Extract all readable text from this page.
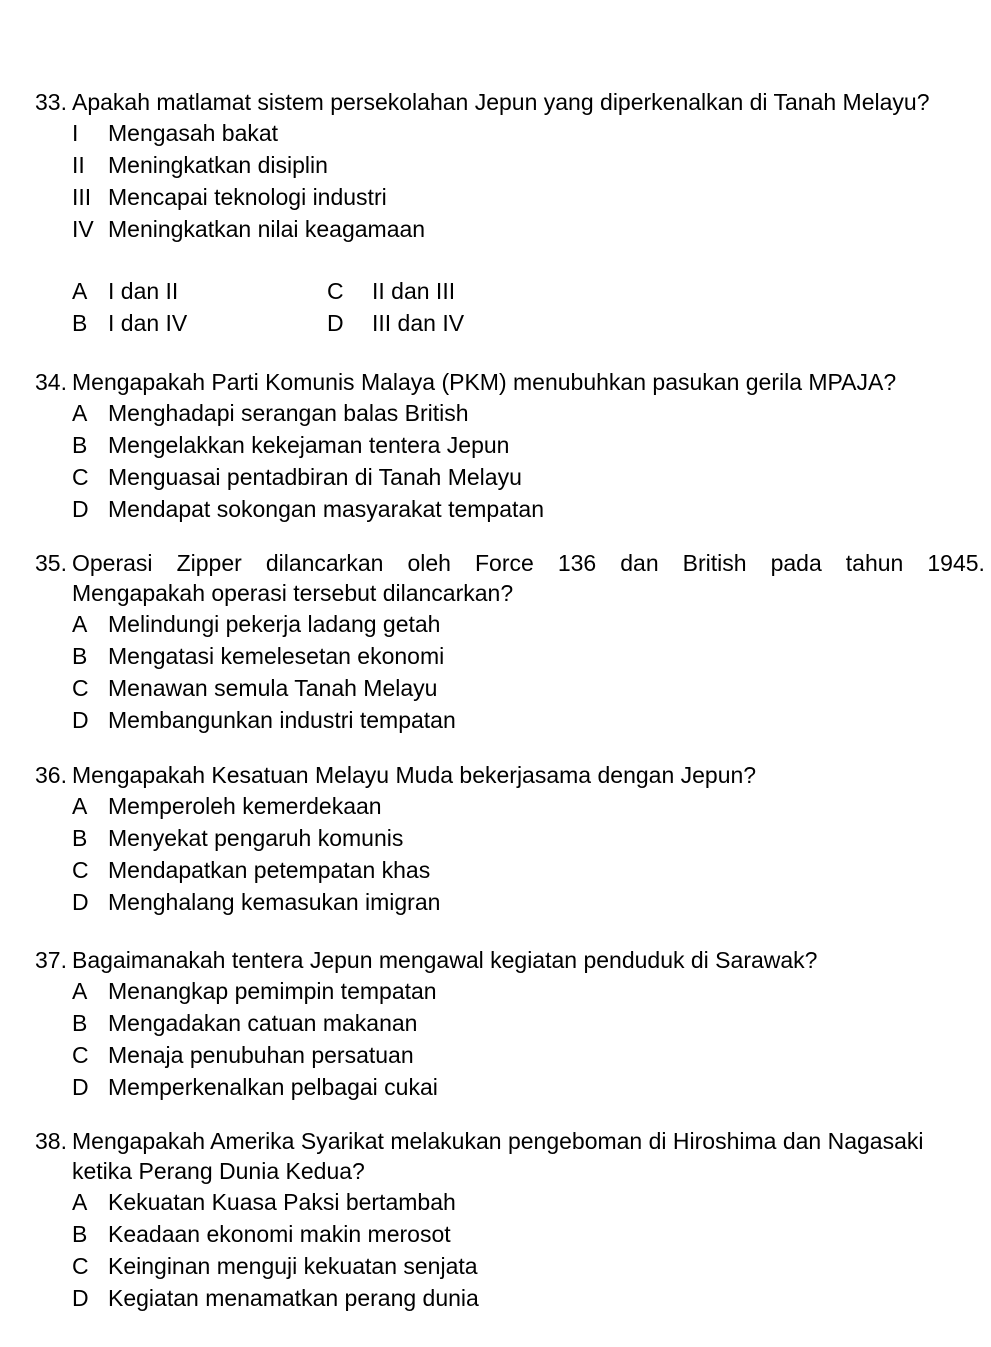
33. Apakah matlamat sistem persekolahan Jepun yang diperkenalkan di Tanah Melayu?
I	Mengasah bakat
II	Meningkatkan disiplin
III Mencapai teknologi industri
IV Meningkatkan nilai keagamaan
A I dan II	C	II dan III
B I dan IV	D	III dan IV
34. Mengapakah Parti Komunis Malaya (PKM) menubuhkan pasukan gerila MPAJA?
A Menghadapi serangan balas British
B Mengelakkan kekejaman tentera Jepun
C Menguasai pentadbiran di Tanah Melayu
D Mendapat sokongan masyarakat tempatan
35. Operasi Zipper dilancarkan oleh Force 136 dan British pada tahun 1945.
Mengapakah operasi tersebut dilancarkan?
A Melindungi pekerja ladang getah
B Mengatasi kemelesetan ekonomi
C Menawan semula Tanah Melayu
D Membangunkan industri tempatan
36. Mengapakah Kesatuan Melayu Muda bekerjasama dengan Jepun?
A Memperoleh kemerdekaan
B Menyekat pengaruh komunis
C Mendapatkan petempatan khas
D Menghalang kemasukan imigran
37. Bagaimanakah tentera Jepun mengawal kegiatan penduduk di Sarawak?
A Menangkap pemimpin tempatan
B Mengadakan catuan makanan
C Menaja penubuhan persatuan
D Memperkenalkan pelbagai cukai
38. Mengapakah Amerika Syarikat melakukan pengeboman di Hiroshima dan Nagasaki
ketika Perang Dunia Kedua?
A Kekuatan Kuasa Paksi bertambah
B Keadaan ekonomi makin merosot
C Keinginan menguji kekuatan senjata
D Kegiatan menamatkan perang dunia
